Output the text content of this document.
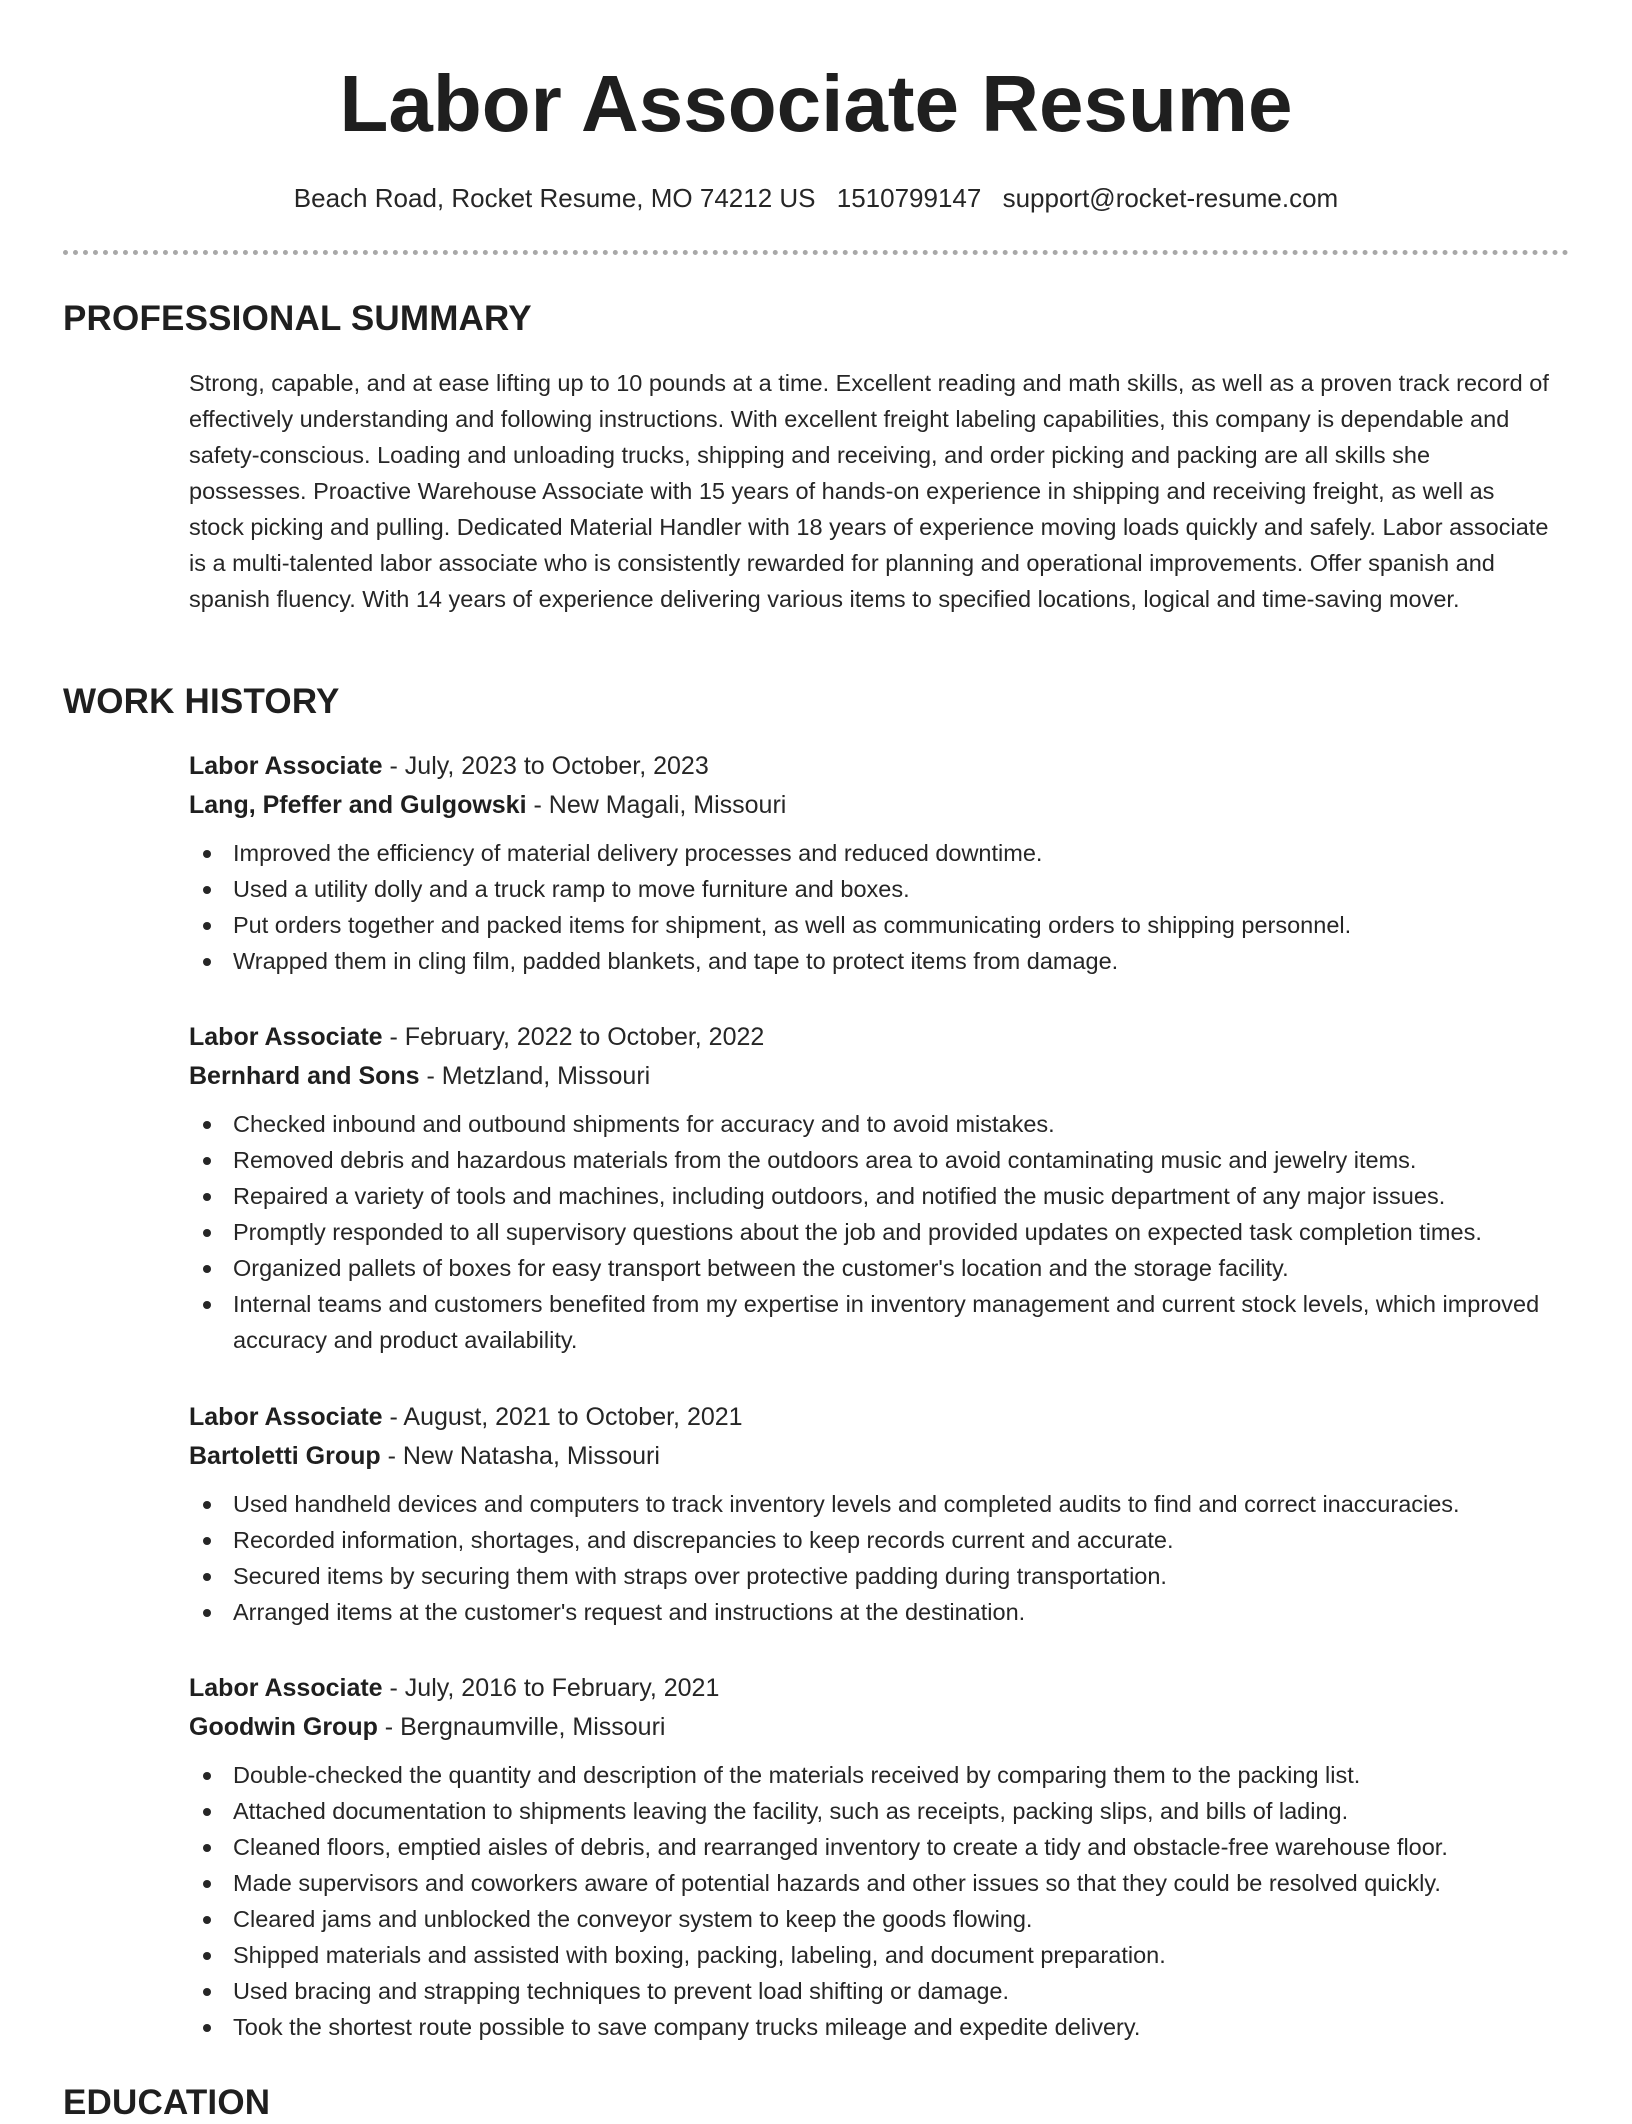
Labor Associate Resume
Beach Road, Rocket Resume, MO 74212 US 1510799147 support@rocket-resume.com
PROFESSIONAL SUMMARY

Strong, capable, and at ease lifting up to 10 pounds at a time. Excellent reading and math skills, as well as a proven track record of effectively understanding and following instructions. With excellent freight labeling capabilities, this company is dependable and safety-conscious. Loading and unloading trucks, shipping and receiving, and order picking and packing are all skills she possesses. Proactive Warehouse Associate with 15 years of hands-on experience in shipping and receiving freight, as well as stock picking and pulling. Dedicated Material Handler with 18 years of experience moving loads quickly and safely. Labor associate is a multi-talented labor associate who is consistently rewarded for planning and operational improvements. Offer spanish and spanish fluency. With 14 years of experience delivering various items to specified locations, logical and time-saving mover.

WORK HISTORY
Labor Associate - July, 2023 to October, 2023
Lang, Pfeffer and Gulgowski - New Magali, Missouri
Improved the efficiency of material delivery processes and reduced downtime.
Used a utility dolly and a truck ramp to move furniture and boxes.
Put orders together and packed items for shipment, as well as communicating orders to shipping personnel.
Wrapped them in cling film, padded blankets, and tape to protect items from damage.
Labor Associate - February, 2022 to October, 2022
Bernhard and Sons - Metzland, Missouri
Checked inbound and outbound shipments for accuracy and to avoid mistakes.
Removed debris and hazardous materials from the outdoors area to avoid contaminating music and jewelry items.
Repaired a variety of tools and machines, including outdoors, and notified the music department of any major issues.
Promptly responded to all supervisory questions about the job and provided updates on expected task completion times.
Organized pallets of boxes for easy transport between the customer's location and the storage facility.
Internal teams and customers benefited from my expertise in inventory management and current stock levels, which improved accuracy and product availability.
Labor Associate - August, 2021 to October, 2021
Bartoletti Group - New Natasha, Missouri
Used handheld devices and computers to track inventory levels and completed audits to find and correct inaccuracies.
Recorded information, shortages, and discrepancies to keep records current and accurate.
Secured items by securing them with straps over protective padding during transportation.
Arranged items at the customer's request and instructions at the destination.
Labor Associate - July, 2016 to February, 2021
Goodwin Group - Bergnaumville, Missouri
Double-checked the quantity and description of the materials received by comparing them to the packing list.
Attached documentation to shipments leaving the facility, such as receipts, packing slips, and bills of lading.
Cleaned floors, emptied aisles of debris, and rearranged inventory to create a tidy and obstacle-free warehouse floor.
Made supervisors and coworkers aware of potential hazards and other issues so that they could be resolved quickly.
Cleared jams and unblocked the conveyor system to keep the goods flowing.
Shipped materials and assisted with boxing, packing, labeling, and document preparation.
Used bracing and strapping techniques to prevent load shifting or damage.
Took the shortest route possible to save company trucks mileage and expedite delivery.
EDUCATION
